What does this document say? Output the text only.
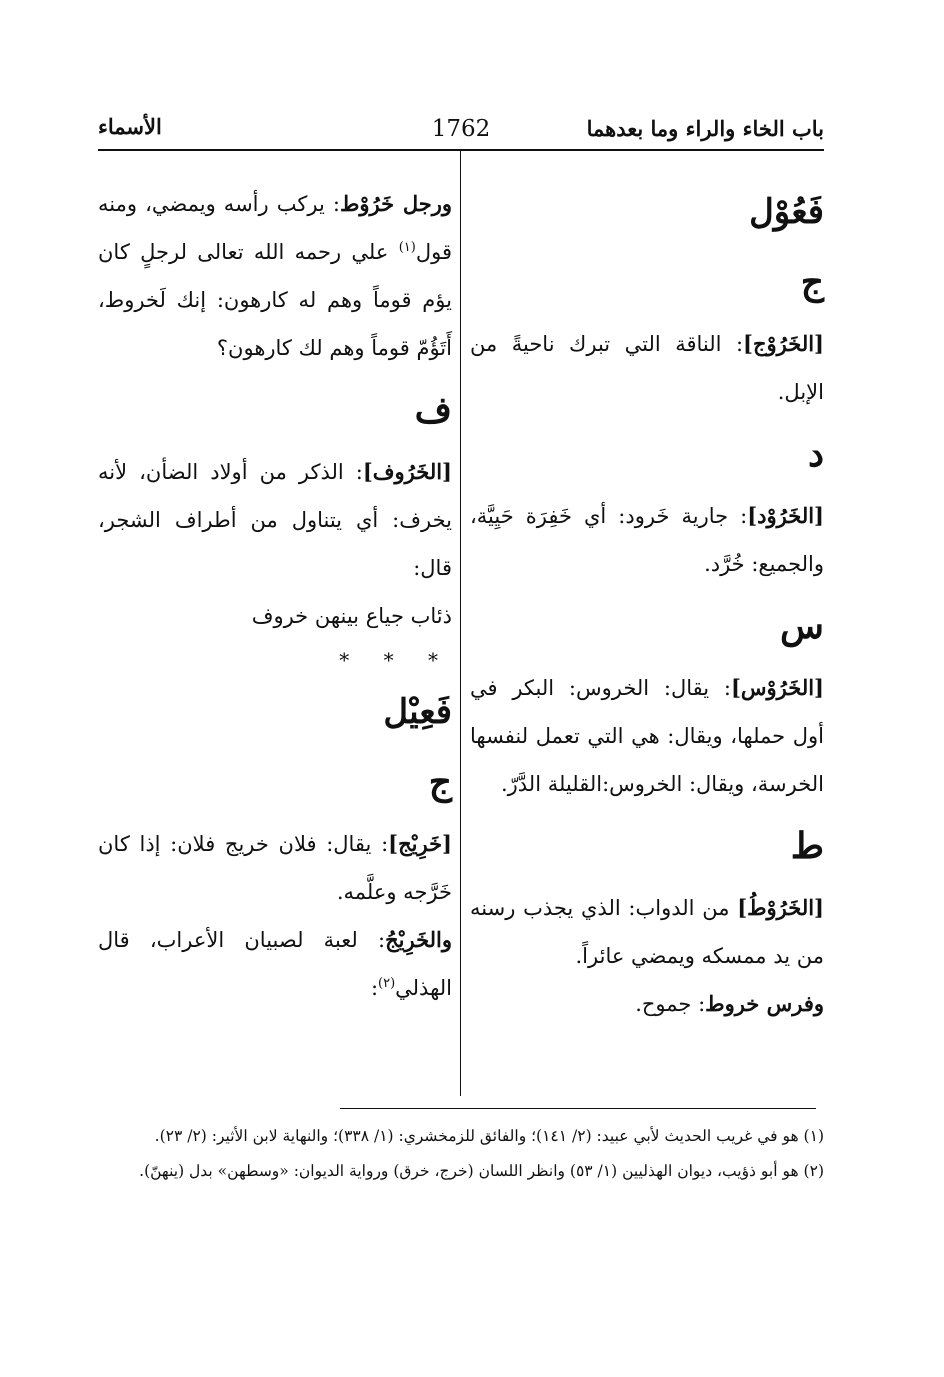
باب الخاء والراء وما بعدهما
1762
الأسماء

فَعُوْل

ج

[الخَرُوْج]: الناقة التي تبرك ناحيةً من الإبل.

د

[الخَرُوْد]: جارية خَرود: أي خَفِرَة حَيِيَّة، والجميع: خُرَّد.

س

[الخَرُوْس]: يقال: الخروس: البكر في أول حملها، ويقال: هي التي تعمل لنفسها الخرسة، ويقال: الخروس:القليلة الدَّرّ.

ط

[الخَرُوْطُ] من الدواب: الذي يجذب رسنه من يد ممسكه ويمضي عائراً.

وفرس خروط: جموح.

ورجل خَرُوْط: يركب رأسه ويمضي، ومنه قول$^{(١)}$ علي رحمه الله تعالى لرجلٍ كان يؤم قوماً وهم له كارهون: إنك لَخروط، أَتَؤُمّ قوماً وهم لك كارهون؟

ف

[الخَرُوف]: الذكر من أولاد الضأن، لأنه يخرف: أي يتناول من أطراف الشجر، قال:

ذئاب جياع بينهن خروف

* * *

فَعِيْل

ج

[خَرِيْج]: يقال: فلان خريج فلان: إذا كان خَرَّجه وعلَّمه.

والخَرِيْجُ: لعبة لصبيان الأعراب، قال الهذلي$^{(٢)}$:

(١) هو في غريب الحديث لأبي عبيد: (٢/ ١٤١)؛ والفائق للزمخشري: (١/ ٣٣٨)؛ والنهاية لابن الأثير: (٢/ ٢٣).

(٢) هو أبو ذؤيب، ديوان الهذليين (١/ ٥٣) وانظر اللسان (خرج، خرق) ورواية الديوان: «وسطهن» بدل (ينهنّ).
